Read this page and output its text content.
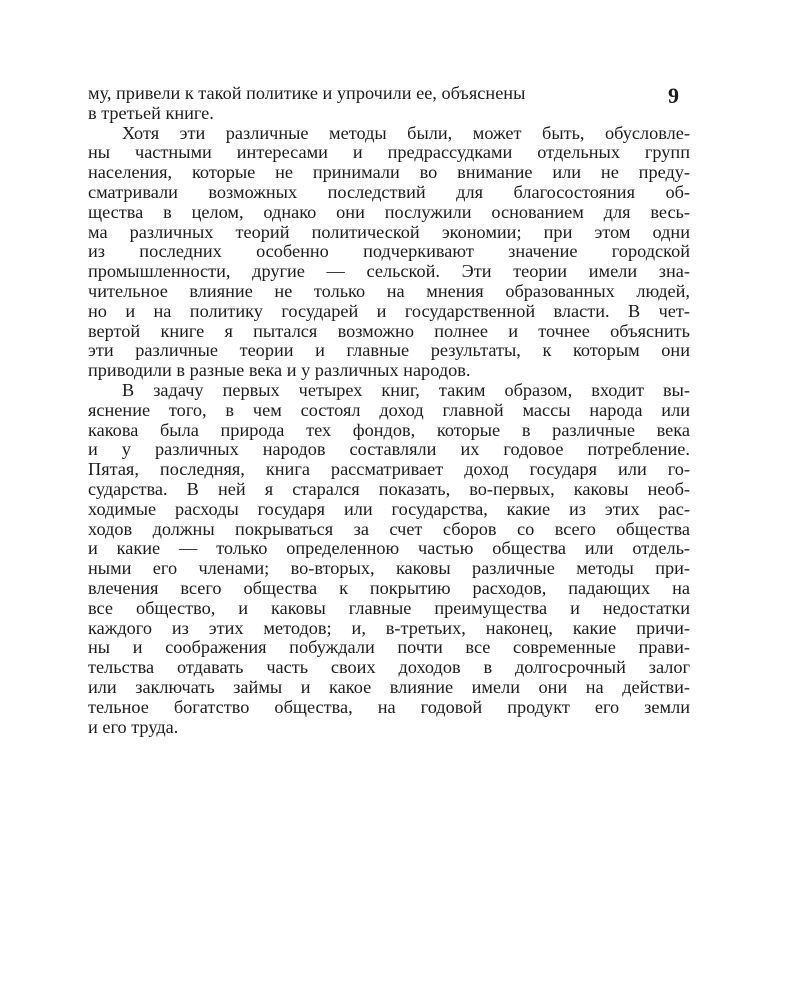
9
му, привели к такой политике и упрочили ее, объяснены
в третьей книге.
Хотя эти различные методы были, может быть, обусловле-
ны частными интересами и предрассудками отдельных групп
населения, которые не принимали во внимание или не преду-
сматривали возможных последствий для благосостояния об-
щества в целом, однако они послужили основанием для весь-
ма различных теорий политической экономии; при этом одни
из последних особенно подчеркивают значение городской
промышленности, другие — сельской. Эти теории имели зна-
чительное влияние не только на мнения образованных людей,
но и на политику государей и государственной власти. В чет-
вертой книге я пытался возможно полнее и точнее объяснить
эти различные теории и главные результаты, к которым они
приводили в разные века и у различных народов.
В задачу первых четырех книг, таким образом, входит вы-
яснение того, в чем состоял доход главной массы народа или
какова была природа тех фондов, которые в различные века
и у различных народов составляли их годовое потребление.
Пятая, последняя, книга рассматривает доход государя или го-
сударства. В ней я старался показать, во-первых, каковы необ-
ходимые расходы государя или государства, какие из этих рас-
ходов должны покрываться за счет сборов со всего общества
и какие — только определенною частью общества или отдель-
ными его членами; во-вторых, каковы различные методы при-
влечения всего общества к покрытию расходов, падающих на
все общество, и каковы главные преимущества и недостатки
каждого из этих методов; и, в-третьих, наконец, какие причи-
ны и соображения побуждали почти все современные прави-
тельства отдавать часть своих доходов в долгосрочный залог
или заключать займы и какое влияние имели они на действи-
тельное богатство общества, на годовой продукт его земли
и его труда.
